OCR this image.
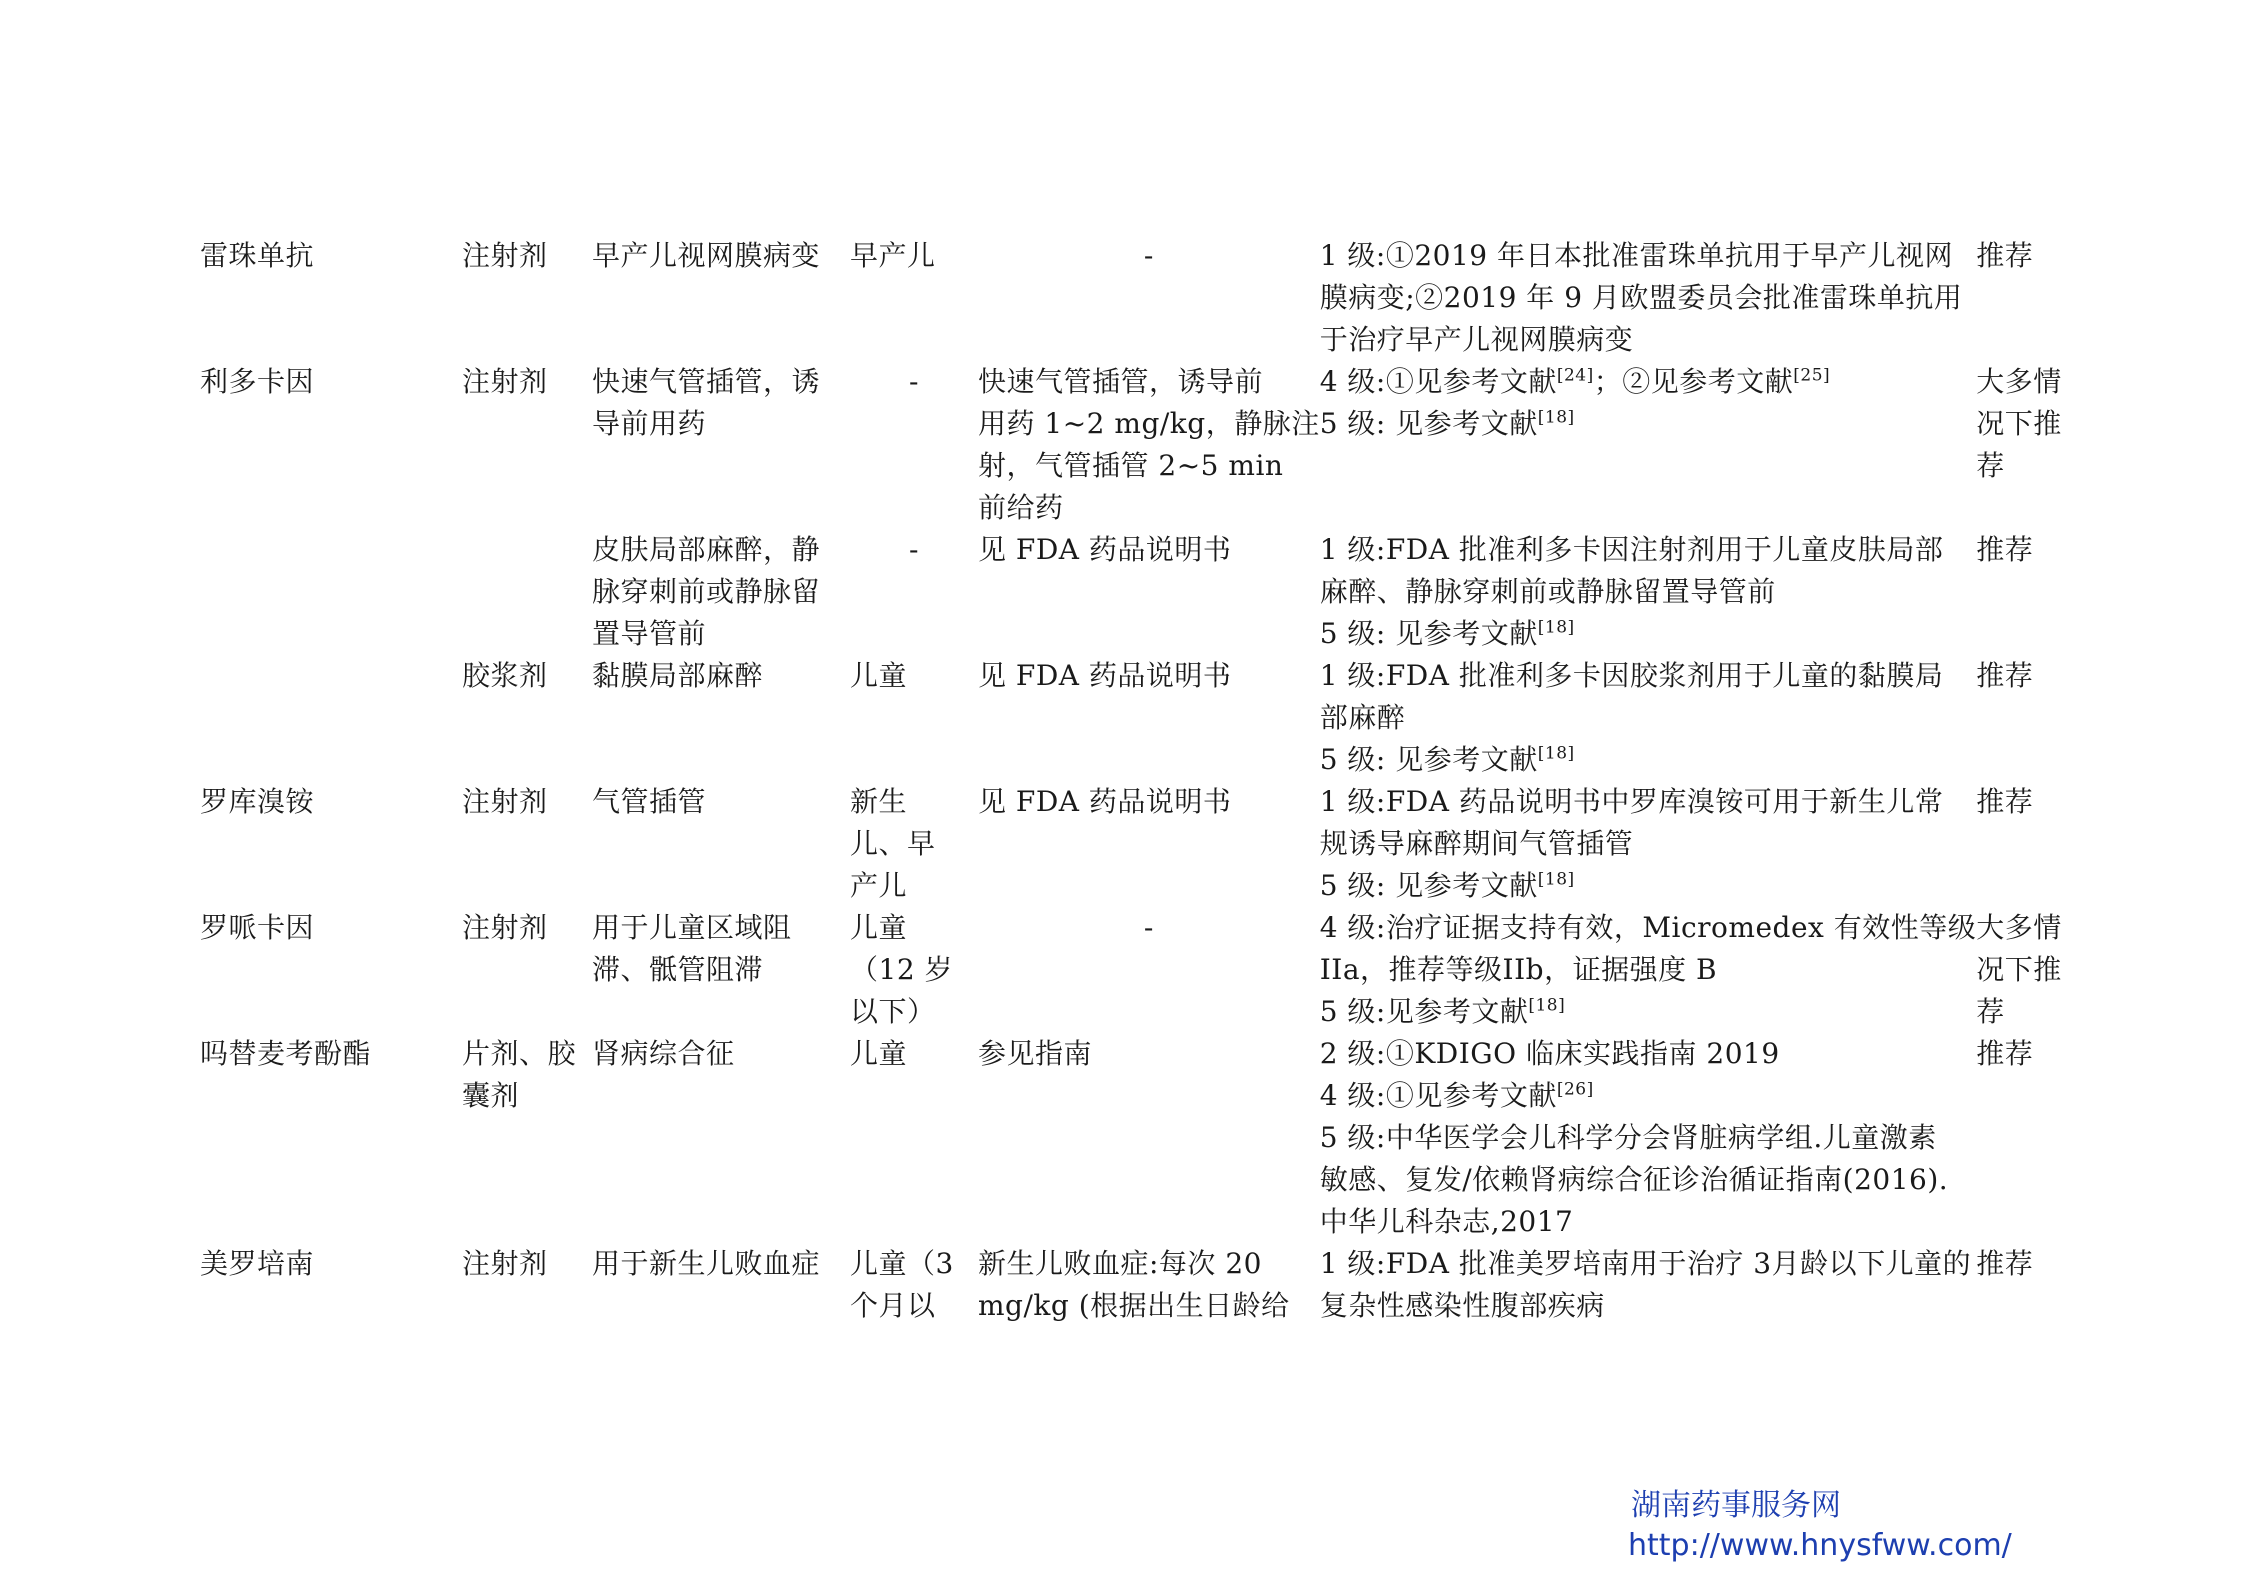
雷珠单抗	注射剂	早产儿视网膜病变	早产儿	-	1 级:①2019 年日本批准雷珠单抗用于早产儿视网
膜病变;②2019 年 9 月欧盟委员会批准雷珠单抗用
于治疗早产儿视网膜病变	推荐

利多卡因	注射剂	快速气管插管，诱
导前用药	-	快速气管插管，诱导前
用药 1~2 mg/kg，静脉注
射，气管插管 2~5 min
前给药	4 级:①见参考文献[24]；②见参考文献[25]
5 级: 见参考文献[18]	大多情
况下推
荐

		皮肤局部麻醉，静
脉穿刺前或静脉留
置导管前	-	见 FDA 药品说明书	1 级:FDA 批准利多卡因注射剂用于儿童皮肤局部
麻醉、静脉穿刺前或静脉留置导管前
5 级: 见参考文献[18]	推荐

	胶浆剂	黏膜局部麻醉	儿童	见 FDA 药品说明书	1 级:FDA 批准利多卡因胶浆剂用于儿童的黏膜局
部麻醉
5 级: 见参考文献[18]	推荐

罗库溴铵	注射剂	气管插管	新生
儿、早
产儿	见 FDA 药品说明书	1 级:FDA 药品说明书中罗库溴铵可用于新生儿常
规诱导麻醉期间气管插管
5 级: 见参考文献[18]	推荐

罗哌卡因	注射剂	用于儿童区域阻
滞、骶管阻滞	儿童
（12 岁
以下）	-	4 级:治疗证据支持有效，Micromedex 有效性等级
IIa，推荐等级IIb，证据强度 B
5 级:见参考文献[18]	大多情
况下推
荐

吗替麦考酚酯	片剂、胶
囊剂	肾病综合征	儿童	参见指南	2 级:①KDIGO 临床实践指南 2019
4 级:①见参考文献[26]
5 级:中华医学会儿科学分会肾脏病学组.儿童激素
敏感、复发/依赖肾病综合征诊治循证指南(2016).
中华儿科杂志,2017	推荐

美罗培南	注射剂	用于新生儿败血症	儿童（3
个月以	新生儿败血症:每次 20
mg/kg (根据出生日龄给	1 级:FDA 批准美罗培南用于治疗 3月龄以下儿童的
复杂性感染性腹部疾病	推荐
湖南药事服务网
http://www.hnysfww.com/
